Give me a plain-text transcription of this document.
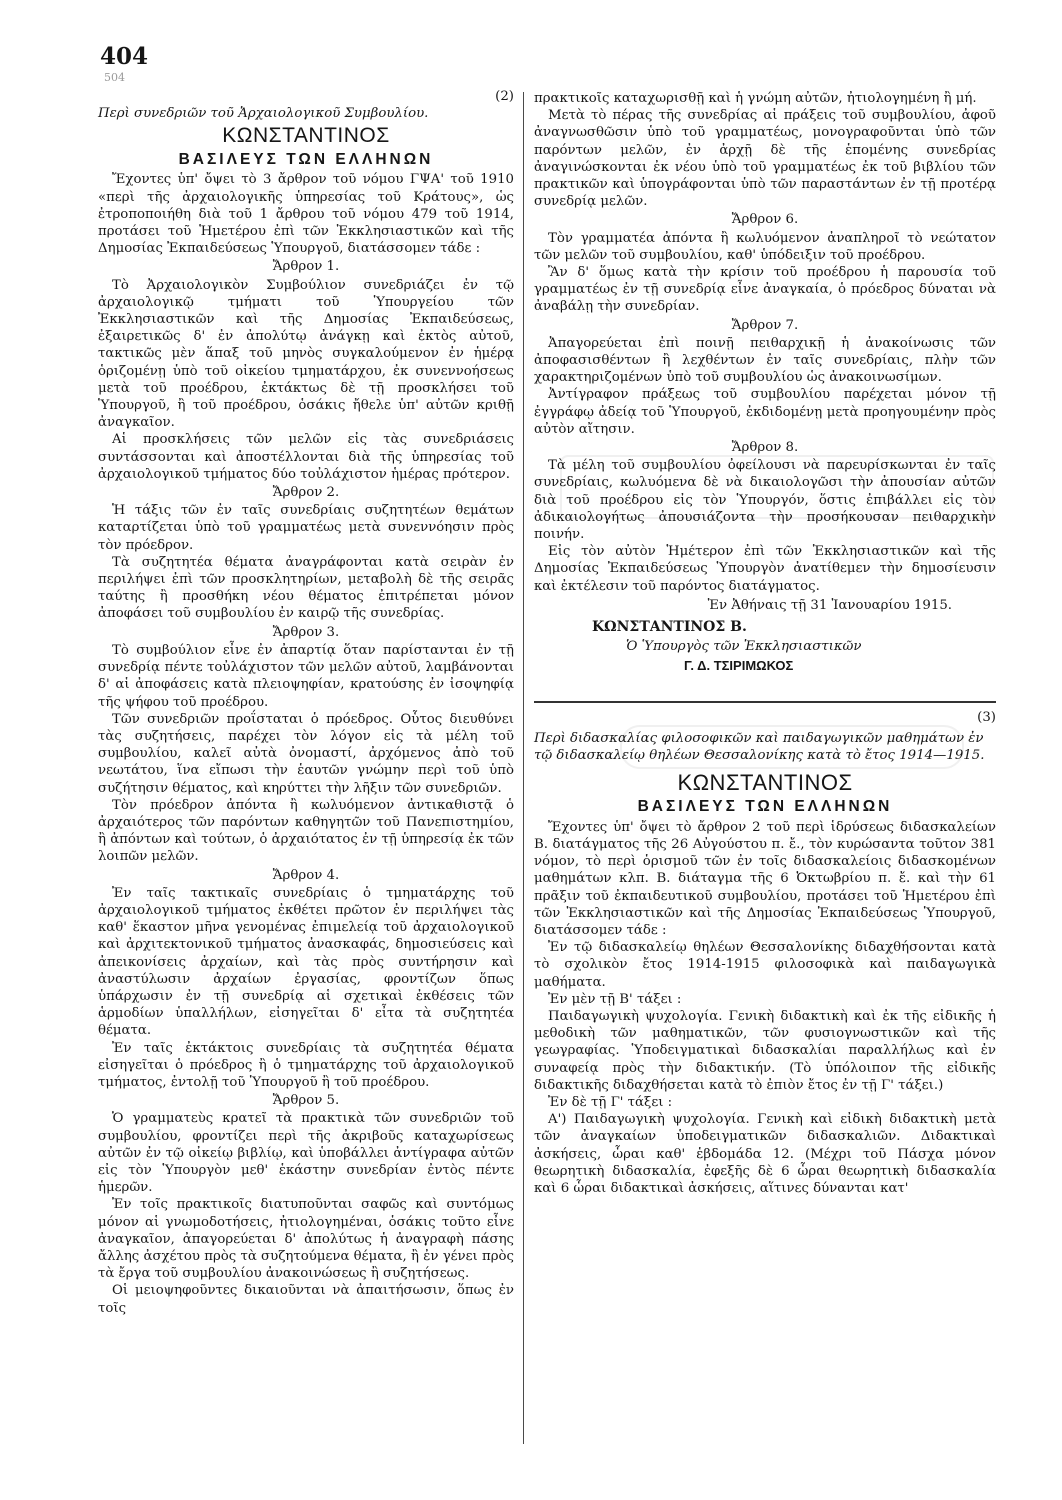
404
504

(2)

Περὶ συνεδριῶν τοῦ Ἀρχαιολογικοῦ Συμβουλίου.

ΚΩΝΣΤΑΝΤΙΝΟΣ
ΒΑΣΙΛΕΥΣ ΤΩΝ ΕΛΛΗΝΩΝ

Ἔχοντες ὑπ' ὄψει τὸ 3 ἄρθρον τοῦ νόμου ΓΨΑ' τοῦ 1910 «περὶ τῆς ἀρχαιολογικῆς ὑπηρεσίας τοῦ Κράτους», ὡς ἐτροποποιήθη διὰ τοῦ 1 ἄρθρου τοῦ νόμου 479 τοῦ 1914, προτάσει τοῦ Ἡμετέρου ἐπὶ τῶν Ἐκκλησιαστικῶν καὶ τῆς Δημοσίας Ἐκπαιδεύσεως Ὑπουργοῦ, διατάσσομεν τάδε :

Ἄρθρον 1.

Τὸ Ἀρχαιολογικὸν Συμβούλιον συνεδριάζει ἐν τῷ ἀρχαιολογικῷ τμήματι τοῦ Ὑπουργείου τῶν Ἐκκλησιαστικῶν καὶ τῆς Δημοσίας Ἐκπαιδεύσεως, ἐξαιρετικῶς δ' ἐν ἀπολύτῳ ἀνάγκῃ καὶ ἐκτὸς αὐτοῦ, τακτικῶς μὲν ἅπαξ τοῦ μηνὸς συγκαλούμενον ἐν ἡμέρᾳ ὁριζομένῃ ὑπὸ τοῦ οἰκείου τμηματάρχου, ἐκ συνεννοήσεως μετὰ τοῦ προέδρου, ἐκτάκτως δὲ τῇ προσκλήσει τοῦ Ὑπουργοῦ, ἢ τοῦ προέδρου, ὁσάκις ἤθελε ὑπ' αὐτῶν κριθῇ ἀναγκαῖον.

Αἱ προσκλήσεις τῶν μελῶν εἰς τὰς συνεδριάσεις συντάσσονται καὶ ἀποστέλλονται διὰ τῆς ὑπηρεσίας τοῦ ἀρχαιολογικοῦ τμήματος δύο τοὐλάχιστον ἡμέρας πρότερον.

Ἄρθρον 2.

Ἡ τάξις τῶν ἐν ταῖς συνεδρίαις συζητητέων θεμάτων καταρτίζεται ὑπὸ τοῦ γραμματέως μετὰ συνεννόησιν πρὸς τὸν πρόεδρον.

Τὰ συζητητέα θέματα ἀναγράφονται κατὰ σειρὰν ἐν περιλήψει ἐπὶ τῶν προσκλητηρίων, μεταβολὴ δὲ τῆς σειρᾶς ταύτης ἢ προσθήκη νέου θέματος ἐπιτρέπεται μόνον ἀποφάσει τοῦ συμβουλίου ἐν καιρῷ τῆς συνεδρίας.

Ἄρθρον 3.

Τὸ συμβούλιον εἶνε ἐν ἀπαρτίᾳ ὅταν παρίστανται ἐν τῇ συνεδρίᾳ πέντε τοὐλάχιστον τῶν μελῶν αὐτοῦ, λαμβάνονται δ' αἱ ἀποφάσεις κατὰ πλειοψηφίαν, κρατούσης ἐν ἰσοψηφίᾳ τῆς ψήφου τοῦ προέδρου.

Τῶν συνεδριῶν προΐσταται ὁ πρόεδρος. Οὗτος διευθύνει τὰς συζητήσεις, παρέχει τὸν λόγον εἰς τὰ μέλη τοῦ συμβουλίου, καλεῖ αὐτὰ ὀνομαστί, ἀρχόμενος ἀπὸ τοῦ νεωτάτου, ἵνα εἴπωσι τὴν ἑαυτῶν γνώμην περὶ τοῦ ὑπὸ συζήτησιν θέματος, καὶ κηρύττει τὴν λῆξιν τῶν συνεδριῶν.

Τὸν πρόεδρον ἀπόντα ἢ κωλυόμενον ἀντικαθιστᾷ ὁ ἀρχαιότερος τῶν παρόντων καθηγητῶν τοῦ Πανεπιστημίου, ἢ ἀπόντων καὶ τούτων, ὁ ἀρχαιότατος ἐν τῇ ὑπηρεσίᾳ ἐκ τῶν λοιπῶν μελῶν.

Ἄρθρον 4.

Ἐν ταῖς τακτικαῖς συνεδρίαις ὁ τμηματάρχης τοῦ ἀρχαιολογικοῦ τμήματος ἐκθέτει πρῶτον ἐν περιλήψει τὰς καθ' ἕκαστον μῆνα γενομένας ἐπιμελείᾳ τοῦ ἀρχαιολογικοῦ καὶ ἀρχιτεκτονικοῦ τμήματος ἀνασκαφάς, δημοσιεύσεις καὶ ἀπεικονίσεις ἀρχαίων, καὶ τὰς πρὸς συντήρησιν καὶ ἀναστύλωσιν ἀρχαίων ἐργασίας, φροντίζων ὅπως ὑπάρχωσιν ἐν τῇ συνεδρίᾳ αἱ σχετικαὶ ἐκθέσεις τῶν ἁρμοδίων ὑπαλλήλων, εἰσηγεῖται δ' εἶτα τὰ συζητητέα θέματα.

Ἐν ταῖς ἐκτάκτοις συνεδρίαις τὰ συζητητέα θέματα εἰσηγεῖται ὁ πρόεδρος ἢ ὁ τμηματάρχης τοῦ ἀρχαιολογικοῦ τμήματος, ἐντολῇ τοῦ Ὑπουργοῦ ἢ τοῦ προέδρου.

Ἄρθρον 5.

Ὁ γραμματεὺς κρατεῖ τὰ πρακτικὰ τῶν συνεδριῶν τοῦ συμβουλίου, φροντίζει περὶ τῆς ἀκριβοῦς καταχωρίσεως αὐτῶν ἐν τῷ οἰκείῳ βιβλίῳ, καὶ ὑποβάλλει ἀντίγραφα αὐτῶν εἰς τὸν Ὑπουργὸν μεθ' ἑκάστην συνεδρίαν ἐντὸς πέντε ἡμερῶν.

Ἐν τοῖς πρακτικοῖς διατυποῦνται σαφῶς καὶ συντόμως μόνον αἱ γνωμοδοτήσεις, ἠτιολογημέναι, ὁσάκις τοῦτο εἶνε ἀναγκαῖον, ἀπαγορεύεται δ' ἀπολύτως ἡ ἀναγραφὴ πάσης ἄλλης ἀσχέτου πρὸς τὰ συζητούμενα θέματα, ἢ ἐν γένει πρὸς τὰ ἔργα τοῦ συμβουλίου ἀνακοινώσεως ἢ συζητήσεως.

Οἱ μειοψηφοῦντες δικαιοῦνται νὰ ἀπαιτήσωσιν, ὅπως ἐν τοῖς

πρακτικοῖς καταχωρισθῇ καὶ ἡ γνώμη αὐτῶν, ἠτιολογημένη ἢ μή.

Μετὰ τὸ πέρας τῆς συνεδρίας αἱ πράξεις τοῦ συμβουλίου, ἀφοῦ ἀναγνωσθῶσιν ὑπὸ τοῦ γραμματέως, μονογραφοῦνται ὑπὸ τῶν παρόντων μελῶν, ἐν ἀρχῇ δὲ τῆς ἑπομένης συνεδρίας ἀναγινώσκονται ἐκ νέου ὑπὸ τοῦ γραμματέως ἐκ τοῦ βιβλίου τῶν πρακτικῶν καὶ ὑπογράφονται ὑπὸ τῶν παραστάντων ἐν τῇ προτέρᾳ συνεδρίᾳ μελῶν.

Ἄρθρον 6.

Τὸν γραμματέα ἀπόντα ἢ κωλυόμενον ἀναπληροῖ τὸ νεώτατον τῶν μελῶν τοῦ συμβουλίου, καθ' ὑπόδειξιν τοῦ προέδρου.

Ἂν δ' ὅμως κατὰ τὴν κρίσιν τοῦ προέδρου ἡ παρουσία τοῦ γραμματέως ἐν τῇ συνεδρίᾳ εἶνε ἀναγκαία, ὁ πρόεδρος δύναται νὰ ἀναβάλῃ τὴν συνεδρίαν.

Ἄρθρον 7.

Ἀπαγορεύεται ἐπὶ ποινῇ πειθαρχικῇ ἡ ἀνακοίνωσις τῶν ἀποφασισθέντων ἢ λεχθέντων ἐν ταῖς συνεδρίαις, πλὴν τῶν χαρακτηριζομένων ὑπὸ τοῦ συμβουλίου ὡς ἀνακοινωσίμων.

Ἀντίγραφον πράξεως τοῦ συμβουλίου παρέχεται μόνον τῇ ἐγγράφῳ ἀδείᾳ τοῦ Ὑπουργοῦ, ἐκδιδομένῃ μετὰ προηγουμένην πρὸς αὐτὸν αἴτησιν.

Ἄρθρον 8.

Τὰ μέλη τοῦ συμβουλίου ὀφείλουσι νὰ παρευρίσκωνται ἐν ταῖς συνεδρίαις, κωλυόμενα δὲ νὰ δικαιολογῶσι τὴν ἀπουσίαν αὐτῶν διὰ τοῦ προέδρου εἰς τὸν Ὑπουργόν, ὅστις ἐπιβάλλει εἰς τὸν ἀδικαιολογήτως ἀπουσιάζοντα τὴν προσήκουσαν πειθαρχικὴν ποινήν.

Εἰς τὸν αὐτὸν Ἡμέτερον ἐπὶ τῶν Ἐκκλησιαστικῶν καὶ τῆς Δημοσίας Ἐκπαιδεύσεως Ὑπουργὸν ἀνατίθεμεν τὴν δημοσίευσιν καὶ ἐκτέλεσιν τοῦ παρόντος διατάγματος.

Ἐν Ἀθήναις τῇ 31 Ἰανουαρίου 1915.

ΚΩΝΣΤΑΝΤΙΝΟΣ Β.
Ὁ Ὑπουργὸς τῶν Ἐκκλησιαστικῶν
Γ. Δ. ΤΣΙΡΙΜΩΚΟΣ

(3)

Περὶ διδασκαλίας φιλοσοφικῶν καὶ παιδαγωγικῶν μαθημάτων ἐν τῷ διδασκαλείῳ θηλέων Θεσσαλονίκης κατὰ τὸ ἔτος 1914—1915.

ΚΩΝΣΤΑΝΤΙΝΟΣ
ΒΑΣΙΛΕΥΣ ΤΩΝ ΕΛΛΗΝΩΝ

Ἔχοντες ὑπ' ὄψει τὸ ἄρθρον 2 τοῦ περὶ ἱδρύσεως διδασκαλείων Β. διατάγματος τῆς 26 Αὐγούστου π. ἔ., τὸν κυρώσαντα τοῦτον 381 νόμον, τὸ περὶ ὁρισμοῦ τῶν ἐν τοῖς διδασκαλείοις διδασκομένων μαθημάτων κλπ. Β. διάταγμα τῆς 6 Ὀκτωβρίου π. ἔ. καὶ τὴν 61 πρᾶξιν τοῦ ἐκπαιδευτικοῦ συμβουλίου, προτάσει τοῦ Ἡμετέρου ἐπὶ τῶν Ἐκκλησιαστικῶν καὶ τῆς Δημοσίας Ἐκπαιδεύσεως Ὑπουργοῦ, διατάσσομεν τάδε :

Ἐν τῷ διδασκαλείῳ θηλέων Θεσσαλονίκης διδαχθήσονται κατὰ τὸ σχολικὸν ἔτος 1914-1915 φιλοσοφικὰ καὶ παιδαγωγικὰ μαθήματα.

Ἐν μὲν τῇ Β' τάξει :

Παιδαγωγικὴ ψυχολογία. Γενικὴ διδακτικὴ καὶ ἐκ τῆς εἰδικῆς ἡ μεθοδικὴ τῶν μαθηματικῶν, τῶν φυσιογνωστικῶν καὶ τῆς γεωγραφίας. Ὑποδειγματικαὶ διδασκαλίαι παραλλήλως καὶ ἐν συναφείᾳ πρὸς τὴν διδακτικήν. (Τὸ ὑπόλοιπον τῆς εἰδικῆς διδακτικῆς διδαχθήσεται κατὰ τὸ ἐπιὸν ἔτος ἐν τῇ Γ' τάξει.)

Ἐν δὲ τῇ Γ' τάξει :

Α') Παιδαγωγικὴ ψυχολογία. Γενικὴ καὶ εἰδικὴ διδακτικὴ μετὰ τῶν ἀναγκαίων ὑποδειγματικῶν διδασκαλιῶν. Διδακτικαὶ ἀσκήσεις, ὧραι καθ' ἑβδομάδα 12. (Μέχρι τοῦ Πάσχα μόνον θεωρητικὴ διδασκαλία, ἐφεξῆς δὲ 6 ὧραι θεωρητικὴ διδασκαλία καὶ 6 ὧραι διδακτικαὶ ἀσκήσεις, αἵτινες δύνανται κατ'
